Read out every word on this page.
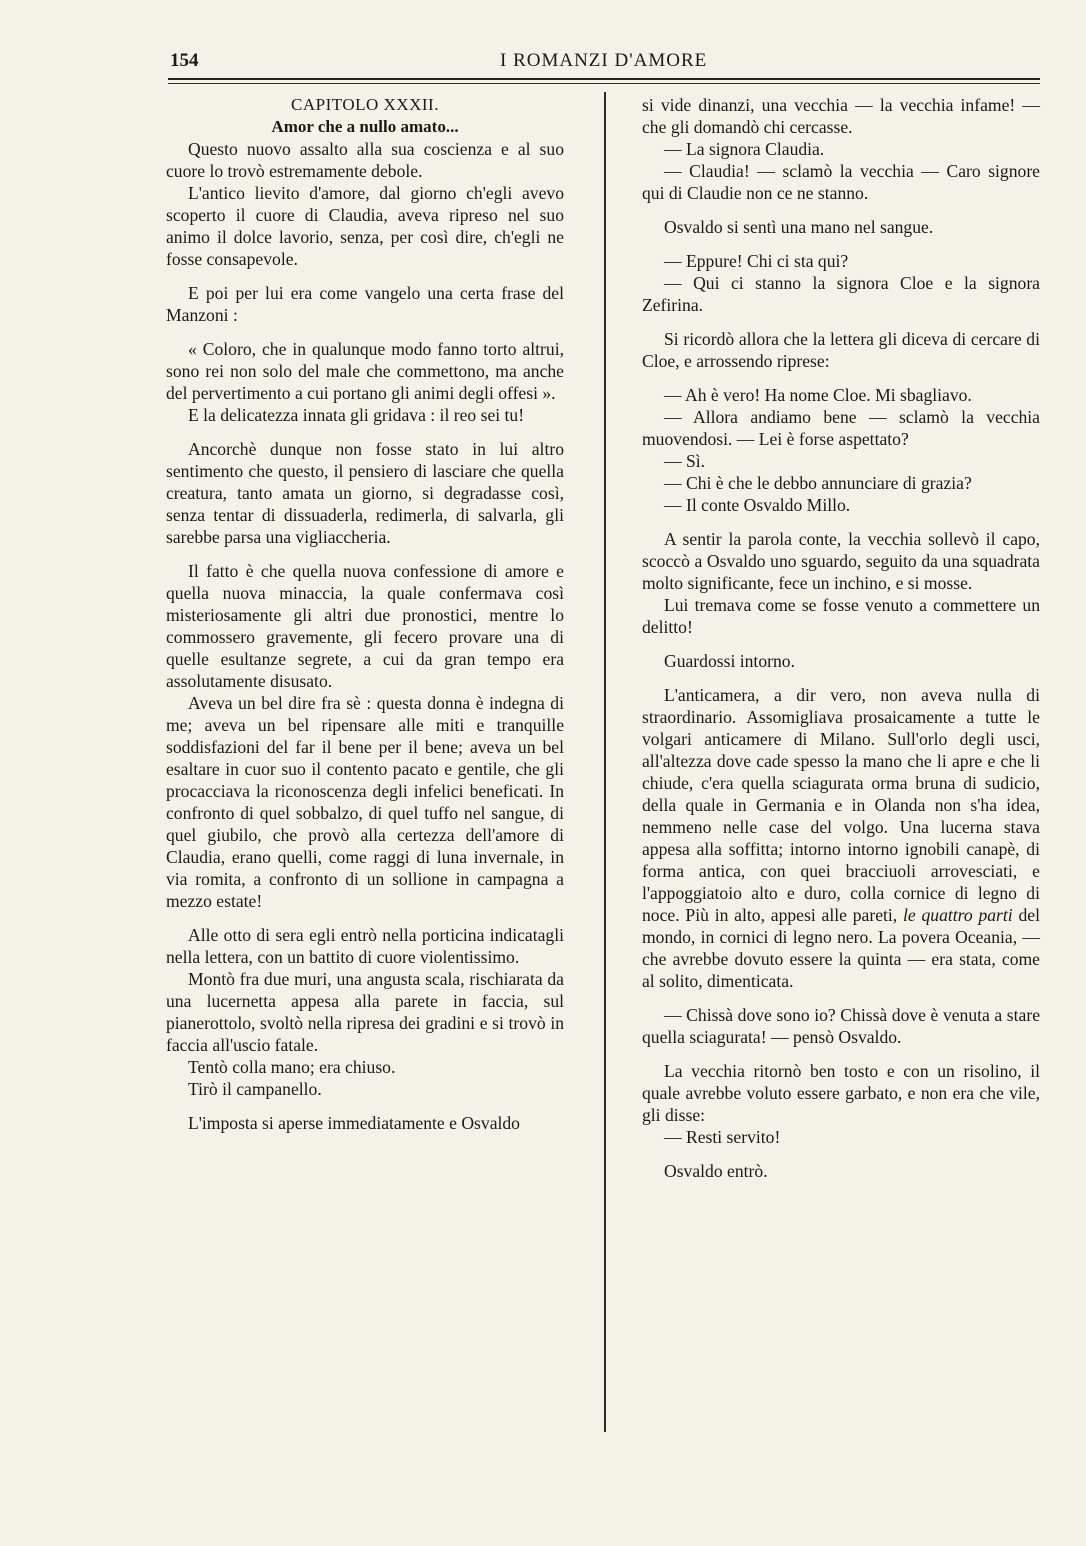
154	I ROMANZI D'AMORE

CAPITOLO XXXII.

Amor che a nullo amato...

Questo nuovo assalto alla sua coscienza e al suo cuore lo trovò estremamente debole.

L'antico lievito d'amore, dal giorno ch'egli avevo scoperto il cuore di Claudia, aveva ripreso nel suo animo il dolce lavorio, senza, per così dire, ch'egli ne fosse consapevole.

E poi per lui era come vangelo una certa frase del Manzoni :

« Coloro, che in qualunque modo fanno torto altrui, sono rei non solo del male che commettono, ma anche del pervertimento a cui portano gli animi degli offesi ».

E la delicatezza innata gli gridava : il reo sei tu!

Ancorchè dunque non fosse stato in lui altro sentimento che questo, il pensiero di lasciare che quella creatura, tanto amata un giorno, si degradasse così, senza tentar di dissuaderla, redimerla, di salvarla, gli sarebbe parsa una vigliaccheria.

Il fatto è che quella nuova confessione di amore e quella nuova minaccia, la quale confermava così misteriosamente gli altri due pronostici, mentre lo commossero gravemente, gli fecero provare una di quelle esultanze segrete, a cui da gran tempo era assolutamente disusato.

Aveva un bel dire fra sè : questa donna è indegna di me; aveva un bel ripensare alle miti e tranquille soddisfazioni del far il bene per il bene; aveva un bel esaltare in cuor suo il contento pacato e gentile, che gli procacciava la riconoscenza degli infelici beneficati. In confronto di quel sobbalzo, di quel tuffo nel sangue, di quel giubilo, che provò alla certezza dell'amore di Claudia, erano quelli, come raggi di luna invernale, in via romita, a confronto di un sollione in campagna a mezzo estate!

Alle otto di sera egli entrò nella porticina indicatagli nella lettera, con un battito di cuore violentissimo.

Montò fra due muri, una angusta scala, rischiarata da una lucernetta appesa alla parete in faccia, sul pianerottolo, svoltò nella ripresa dei gradini e si trovò in faccia all'uscio fatale.

Tentò colla mano; era chiuso.

Tirò il campanello.

L'imposta si aperse immediatamente e Osvaldo

si vide dinanzi, una vecchia — la vecchia infame! — che gli domandò chi cercasse.

— La signora Claudia.

— Claudia! — sclamò la vecchia — Caro signore qui di Claudie non ce ne stanno.

Osvaldo si sentì una mano nel sangue.

— Eppure! Chi ci sta qui?

— Qui ci stanno la signora Cloe e la signora Zefirina.

Si ricordò allora che la lettera gli diceva di cercare di Cloe, e arrossendo riprese:

— Ah è vero! Ha nome Cloe. Mi sbagliavo.

— Allora andiamo bene — sclamò la vecchia muovendosi. — Lei è forse aspettato?

— Sì.

— Chi è che le debbo annunciare di grazia?

— Il conte Osvaldo Millo.

A sentir la parola conte, la vecchia sollevò il capo, scoccò a Osvaldo uno sguardo, seguito da una squadrata molto significante, fece un inchino, e si mosse.

Lui tremava come se fosse venuto a commettere un delitto!

Guardossi intorno.

L'anticamera, a dir vero, non aveva nulla di straordinario. Assomigliava prosaicamente a tutte le volgari anticamere di Milano. Sull'orlo degli usci, all'altezza dove cade spesso la mano che li apre e che li chiude, c'era quella sciagurata orma bruna di sudicio, della quale in Germania e in Olanda non s'ha idea, nemmeno nelle case del volgo. Una lucerna stava appesa alla soffitta; intorno intorno ignobili canapè, di forma antica, con quei bracciuoli arrovesciati, e l'appoggiatoio alto e duro, colla cornice di legno di noce. Più in alto, appesi alle pareti, le quattro parti del mondo, in cornici di legno nero. La povera Oceania, — che avrebbe dovuto essere la quinta — era stata, come al solito, dimenticata.

— Chissà dove sono io? Chissà dove è venuta a stare quella sciagurata! — pensò Osvaldo.

La vecchia ritornò ben tosto e con un risolino, il quale avrebbe voluto essere garbato, e non era che vile, gli disse:

— Resti servito!

Osvaldo entrò.
